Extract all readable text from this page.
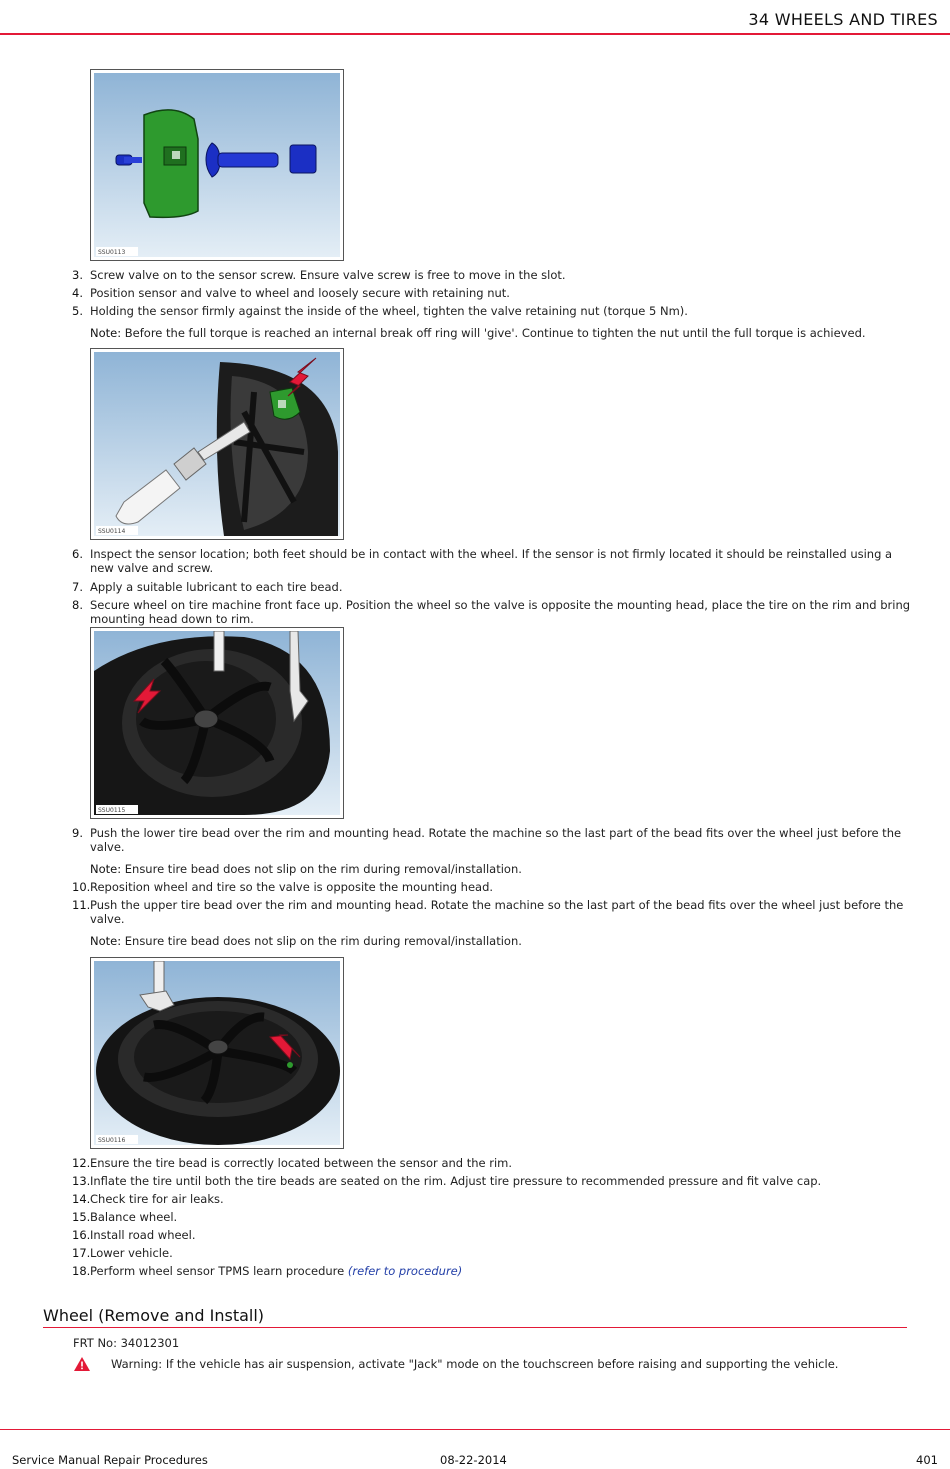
34 WHEELS AND TIRES
SSU0113
3. Screw valve on to the sensor screw. Ensure valve screw is free to move in the slot.
4. Position sensor and valve to wheel and loosely secure with retaining nut.
5. Holding the sensor firmly against the inside of the wheel, tighten the valve retaining nut (torque 5 Nm).
Note: Before the full torque is reached an internal break off ring will 'give'. Continue to tighten the nut until the full torque is achieved.
SSU0114
6. Inspect the sensor location; both feet should be in contact with the wheel. If the sensor is not firmly located it should be reinstalled using a new valve and screw.
7. Apply a suitable lubricant to each tire bead.
8. Secure wheel on tire machine front face up. Position the wheel so the valve is opposite the mounting head, place the tire on the rim and bring mounting head down to rim.
SSU0115
9. Push the lower tire bead over the rim and mounting head. Rotate the machine so the last part of the bead fits over the wheel just before the valve.
Note: Ensure tire bead does not slip on the rim during removal/installation.
10. Reposition wheel and tire so the valve is opposite the mounting head.
11. Push the upper tire bead over the rim and mounting head. Rotate the machine so the last part of the bead fits over the wheel just before the valve.
Note: Ensure tire bead does not slip on the rim during removal/installation.
SSU0116
12. Ensure the tire bead is correctly located between the sensor and the rim.
13. Inflate the tire until both the tire beads are seated on the rim. Adjust tire pressure to recommended pressure and fit valve cap.
14. Check tire for air leaks.
15. Balance wheel.
16. Install road wheel.
17. Lower vehicle.
18. Perform wheel sensor TPMS learn procedure (refer to procedure)
Wheel (Remove and Install)
FRT No: 34012301
Warning: If the vehicle has air suspension, activate "Jack" mode on the touchscreen before raising and supporting the vehicle.
Service Manual Repair Procedures	08-22-2014	401
